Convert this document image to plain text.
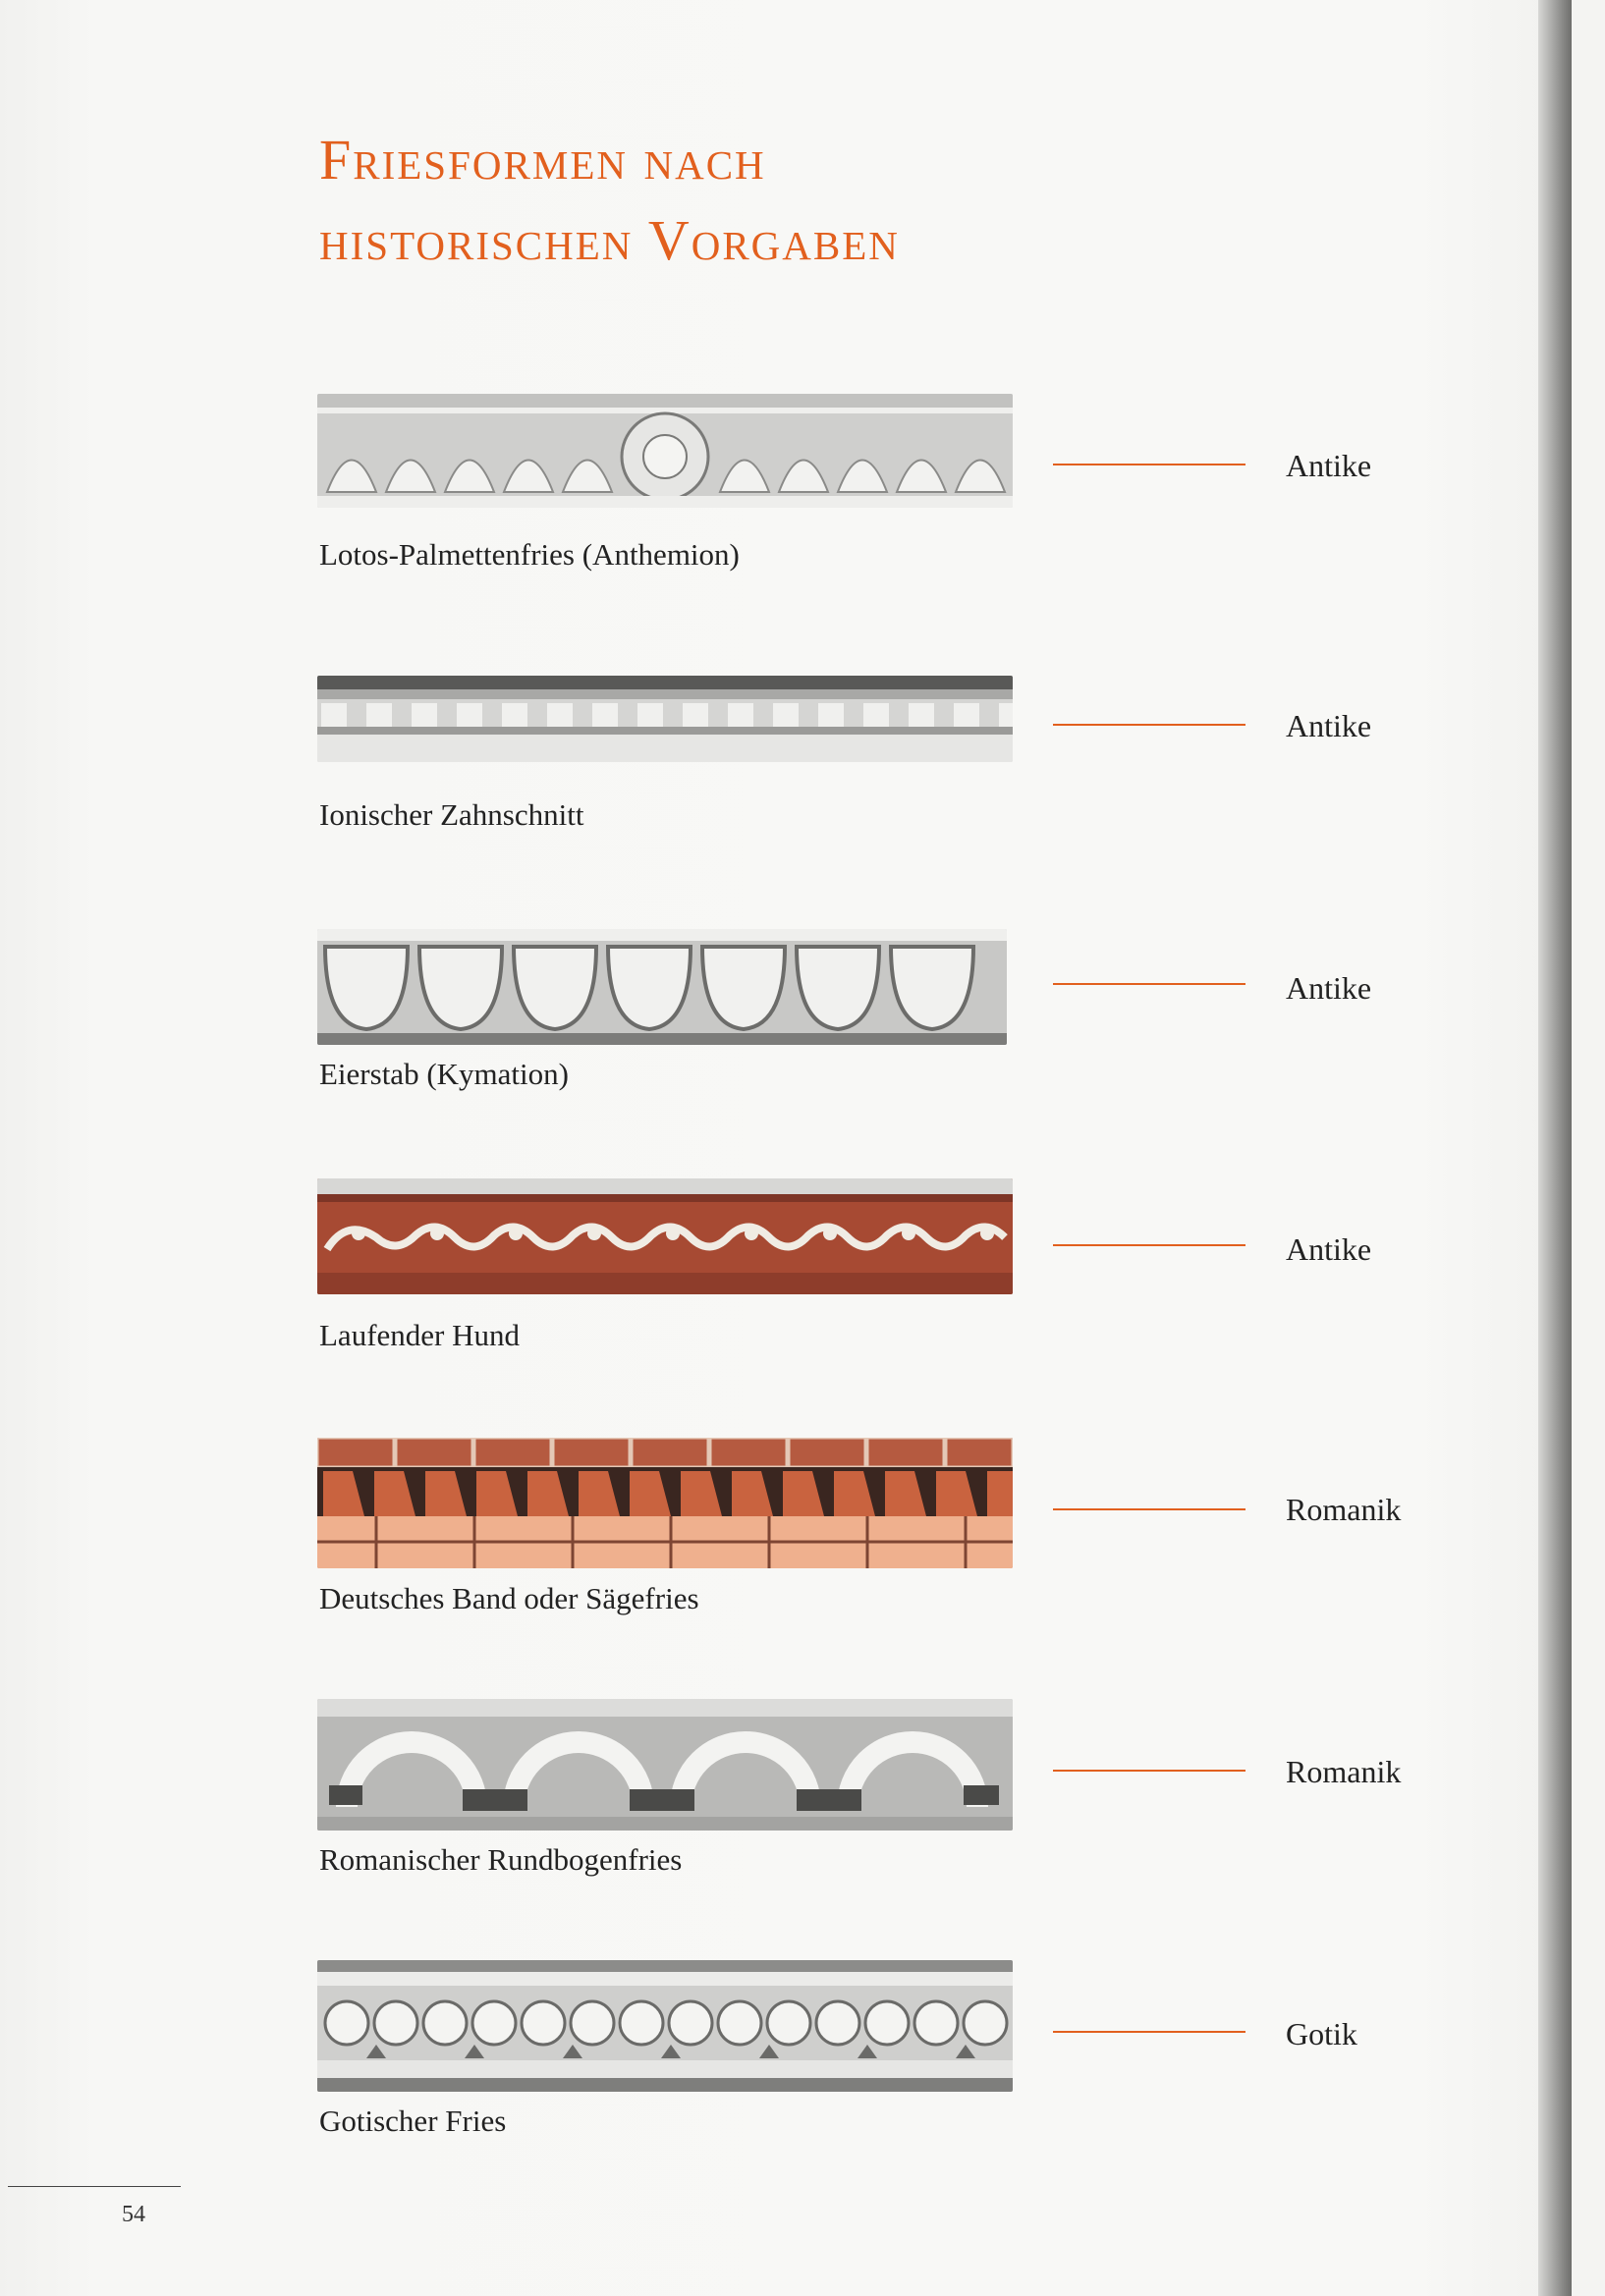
Friesformen nach
historischen Vorgaben
Lotos-Palmettenfries (Anthemion)
Antike
Ionischer Zahnschnitt
Antike
Eierstab (Kymation)
Antike
Laufender Hund
Antike
Deutsches Band oder Sägefries
Romanik
Romanischer Rundbogenfries
Romanik
Gotischer Fries
Gotik
54
